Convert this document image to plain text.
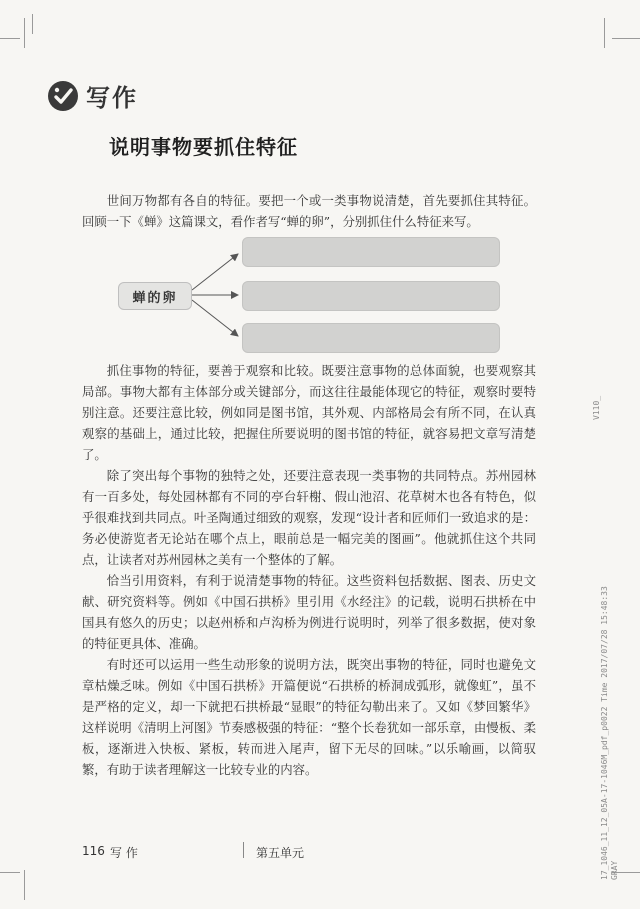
写作
说明事物要抓住特征

世间万物都有各自的特征。要把一个或一类事物说清楚，首先要抓住其特征。回顾一下《蝉》这篇课文，看作者写“蝉的卵”，分别抓住什么特征来写。

蝉的卵

抓住事物的特征，要善于观察和比较。既要注意事物的总体面貌，也要观察其局部。事物大都有主体部分或关键部分，而这往往最能体现它的特征，观察时要特别注意。还要注意比较，例如同是图书馆，其外观、内部格局会有所不同，在认真观察的基础上，通过比较，把握住所要说明的图书馆的特征，就容易把文章写清楚了。

除了突出每个事物的独特之处，还要注意表现一类事物的共同特点。苏州园林有一百多处，每处园林都有不同的亭台轩榭、假山池沼、花草树木也各有特色，似乎很难找到共同点。叶圣陶通过细致的观察，发现“设计者和匠师们一致追求的是：务必使游览者无论站在哪个点上，眼前总是一幅完美的图画”。他就抓住这个共同点，让读者对苏州园林之美有一个整体的了解。

恰当引用资料，有利于说清楚事物的特征。这些资料包括数据、图表、历史文献、研究资料等。例如《中国石拱桥》里引用《水经注》的记载，说明石拱桥在中国具有悠久的历史；以赵州桥和卢沟桥为例进行说明时，列举了很多数据，使对象的特征更具体、准确。

有时还可以运用一些生动形象的说明方法，既突出事物的特征，同时也避免文章枯燥乏味。例如《中国石拱桥》开篇便说“石拱桥的桥洞成弧形，就像虹”，虽不是严格的定义，却一下就把石拱桥最“显眼”的特征勾勒出来了。又如《梦回繁华》这样说明《清明上河图》节奏感极强的特征：“整个长卷犹如一部乐章，由慢板、柔板，逐渐进入快板、紧板，转而进入尾声，留下无尽的回味。”以乐喻画，以简驭繁，有助于读者理解这一比较专业的内容。

116 写 作	第五单元
V110_
17_1046_11_12_05A-17-1046M_pdf_p0022 Time 2017/07/28 15:48:33 GRAY
